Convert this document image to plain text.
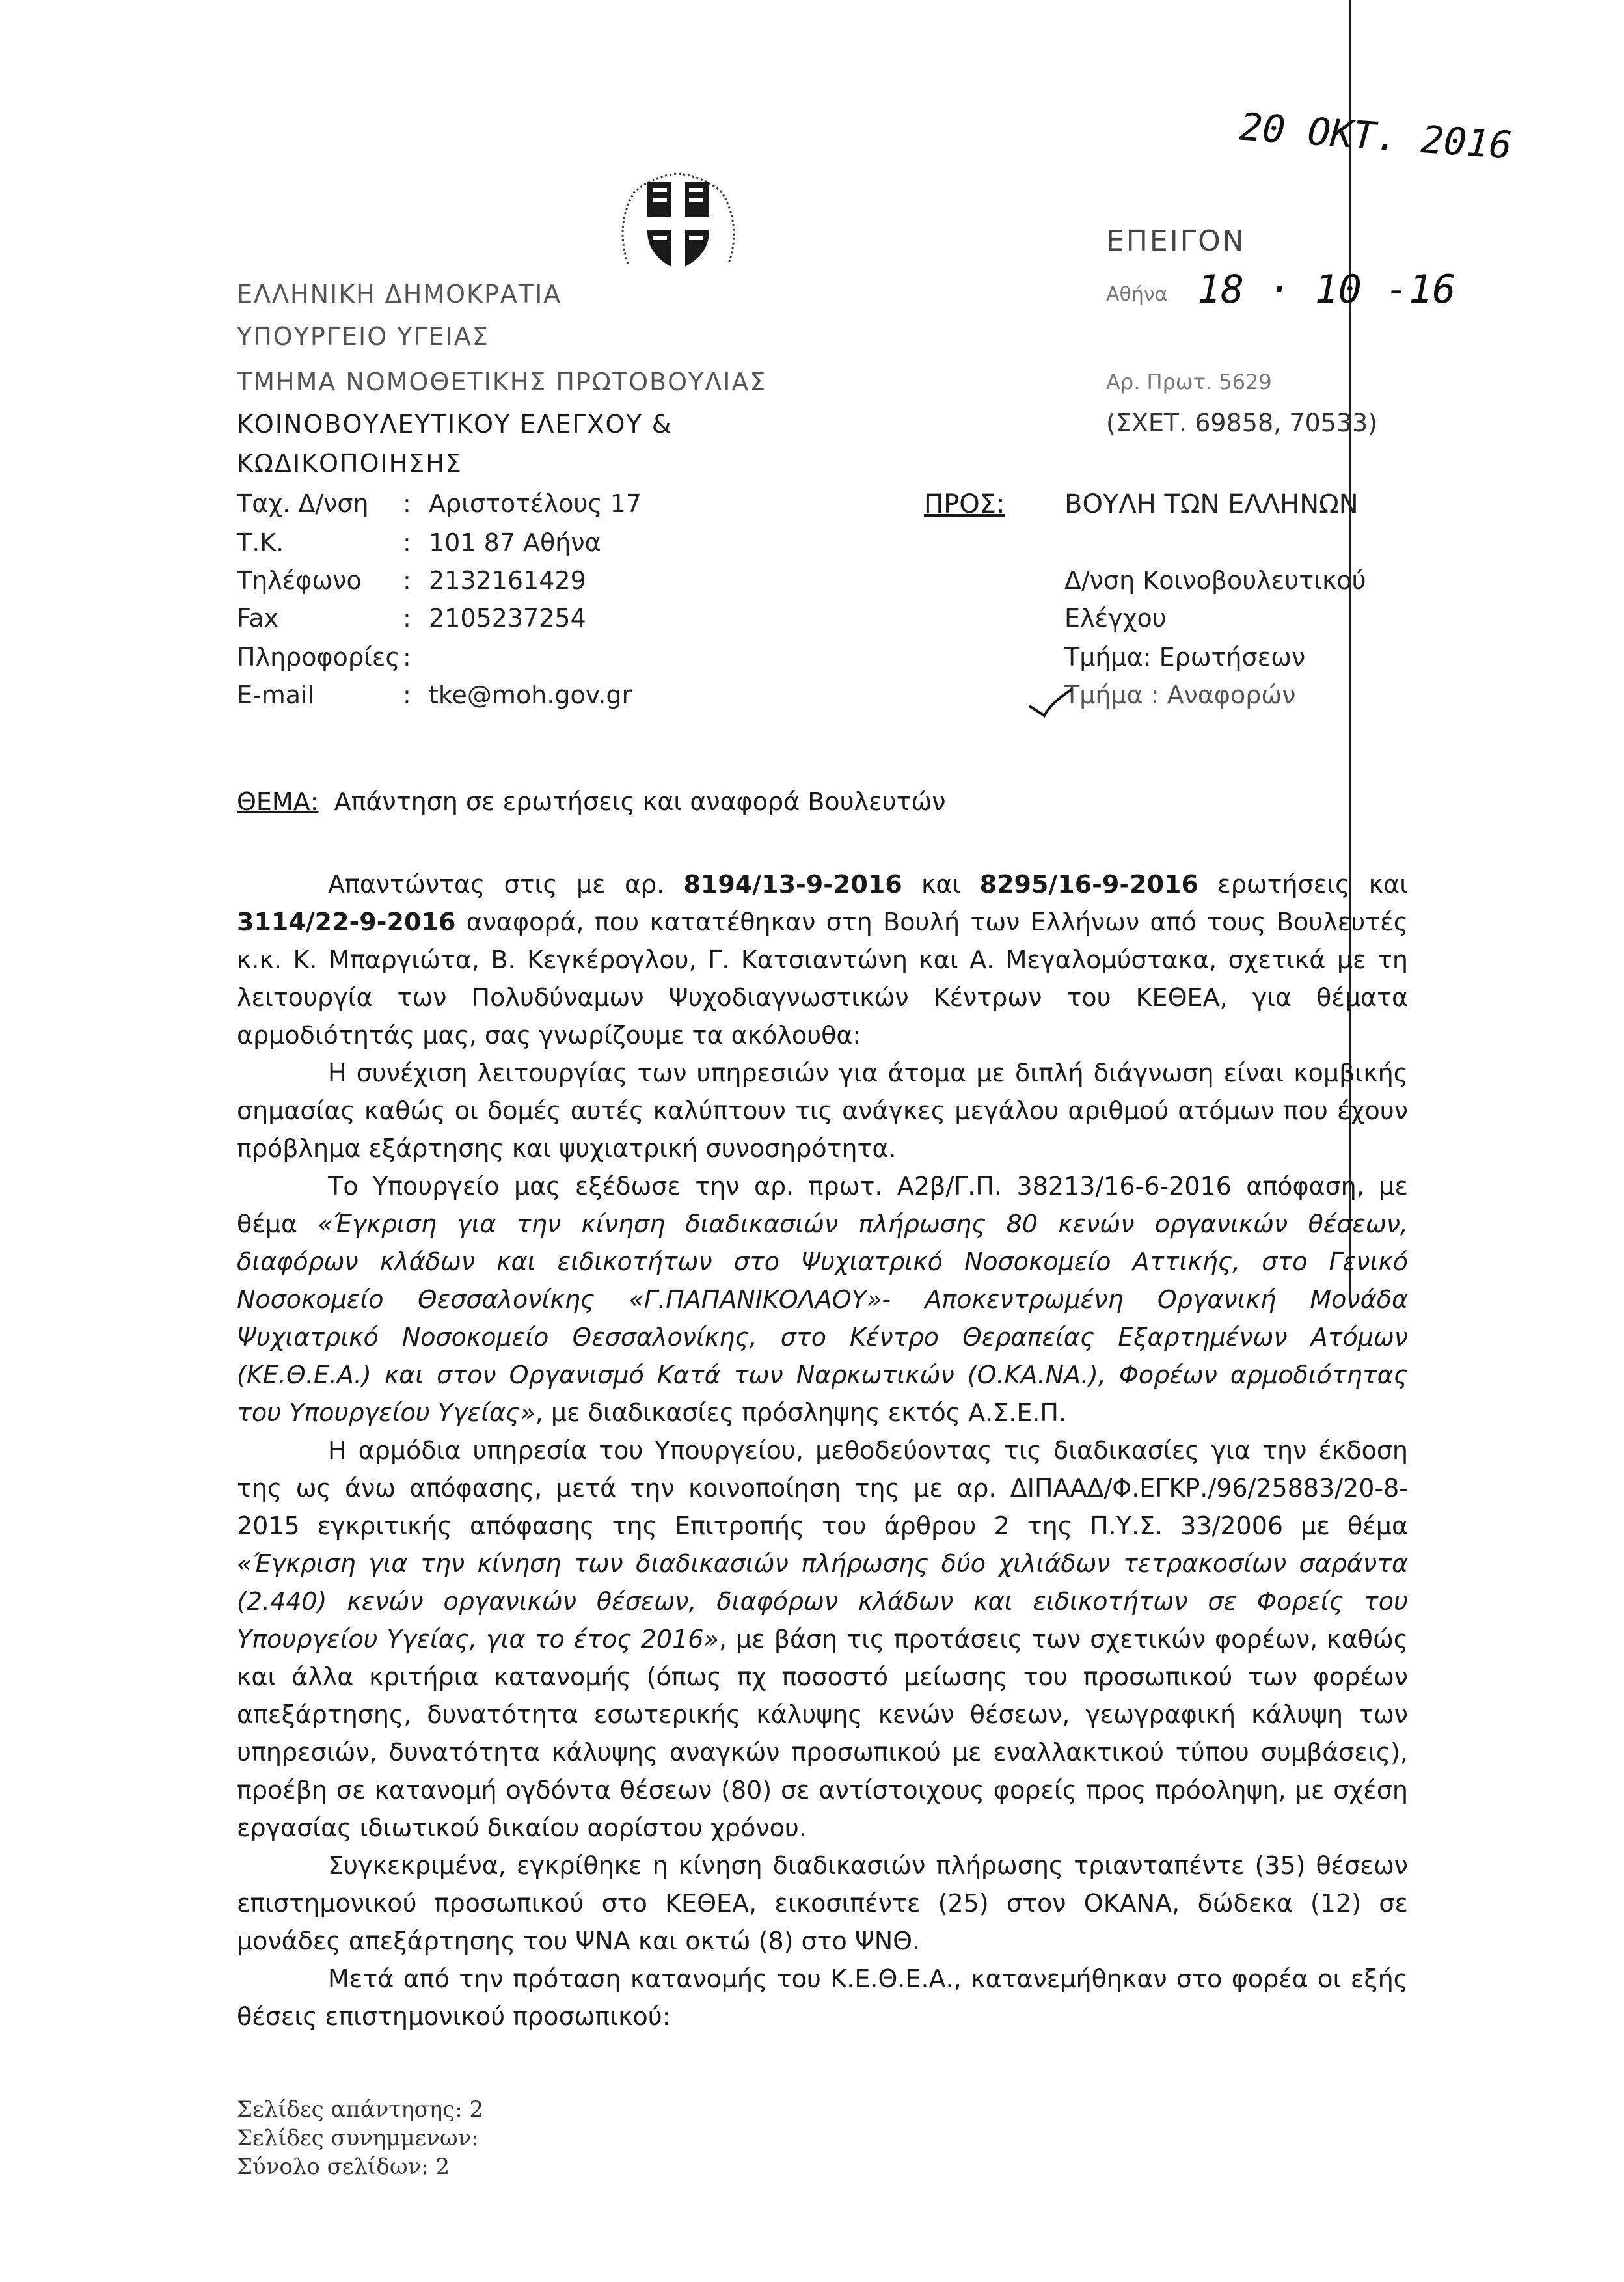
ΕΛΛΗΝΙΚΗ ΔΗΜΟΚΡΑΤΙΑ
ΥΠΟΥΡΓΕΙΟ ΥΓΕΙΑΣ
ΤΜΗΜΑ ΝΟΜΟΘΕΤΙΚΗΣ ΠΡΩΤΟΒΟΥΛΙΑΣ
ΚΟΙΝΟΒΟΥΛΕΥΤΙΚΟΥ ΕΛΕΓΧΟΥ &
ΚΩΔΙΚΟΠΟΙΗΣΗΣ
Ταχ. Δ/νση : Αριστοτέλους 17
Τ.Κ.	: 101 87 Αθήνα
Τηλέφωνο : 2132161429
Fax	: 2105237254
Πληροφορίες :
E-mail	: tke@moh.gov.gr
20 ΟΚΤ. 2016
ΕΠΕΙΓΟΝ
Αθήνα 18 · 10 -16
Αρ. Πρωτ. 5629
(ΣΧΕΤ. 69858, 70533)
ΠΡΟΣ: ΒΟΥΛΗ ΤΩΝ ΕΛΛΗΝΩΝ
Δ/νση Κοινοβουλευτικού
Ελέγχου
Τμήμα: Ερωτήσεων
Τμήμα : Αναφορών
ΘΕΜΑ: Απάντηση σε ερωτήσεις και αναφορά Βουλευτών

Απαντώντας στις με αρ. 8194/13-9-2016 και 8295/16-9-2016 ερωτήσεις και 3114/22-9-2016 αναφορά, που κατατέθηκαν στη Βουλή των Ελλήνων από τους Βουλευτές κ.κ. Κ. Μπαργιώτα, Β. Κεγκέρογλου, Γ. Κατσιαντώνη και Α. Μεγαλομύστακα, σχετικά με τη λειτουργία των Πολυδύναμων Ψυχοδιαγνωστικών Κέντρων του ΚΕΘΕΑ, για θέματα αρμοδιότητάς μας, σας γνωρίζουμε τα ακόλουθα:

Η συνέχιση λειτουργίας των υπηρεσιών για άτομα με διπλή διάγνωση είναι κομβικής σημασίας καθώς οι δομές αυτές καλύπτουν τις ανάγκες μεγάλου αριθμού ατόμων που έχουν πρόβλημα εξάρτησης και ψυχιατρική συνοσηρότητα.

Το Υπουργείο μας εξέδωσε την αρ. πρωτ. Α2β/Γ.Π. 38213/16-6-2016 απόφαση, με θέμα «Έγκριση για την κίνηση διαδικασιών πλήρωσης 80 κενών οργανικών θέσεων, διαφόρων κλάδων και ειδικοτήτων στο Ψυχιατρικό Νοσοκομείο Αττικής, στο Γενικό Νοσοκομείο Θεσσαλονίκης «Γ.ΠΑΠΑΝΙΚΟΛΑΟΥ»- Αποκεντρωμένη Οργανική Μονάδα Ψυχιατρικό Νοσοκομείο Θεσσαλονίκης, στο Κέντρο Θεραπείας Εξαρτημένων Ατόμων (ΚΕ.Θ.Ε.Α.) και στον Οργανισμό Κατά των Ναρκωτικών (Ο.ΚΑ.ΝΑ.), Φορέων αρμοδιότητας του Υπουργείου Υγείας», με διαδικασίες πρόσληψης εκτός Α.Σ.Ε.Π.

Η αρμόδια υπηρεσία του Υπουργείου, μεθοδεύοντας τις διαδικασίες για την έκδοση της ως άνω απόφασης, μετά την κοινοποίηση της με αρ. ΔΙΠΑΑΔ/Φ.ΕΓΚΡ./96/25883/20-8-2015 εγκριτικής απόφασης της Επιτροπής του άρθρου 2 της Π.Υ.Σ. 33/2006 με θέμα «Έγκριση για την κίνηση των διαδικασιών πλήρωσης δύο χιλιάδων τετρακοσίων σαράντα (2.440) κενών οργανικών θέσεων, διαφόρων κλάδων και ειδικοτήτων σε Φορείς του Υπουργείου Υγείας, για το έτος 2016», με βάση τις προτάσεις των σχετικών φορέων, καθώς και άλλα κριτήρια κατανομής (όπως πχ ποσοστό μείωσης του προσωπικού των φορέων απεξάρτησης, δυνατότητα εσωτερικής κάλυψης κενών θέσεων, γεωγραφική κάλυψη των υπηρεσιών, δυνατότητα κάλυψης αναγκών προσωπικού με εναλλακτικού τύπου συμβάσεις), προέβη σε κατανομή ογδόντα θέσεων (80) σε αντίστοιχους φορείς προς πρόοληψη, με σχέση εργασίας ιδιωτικού δικαίου αορίστου χρόνου.

Συγκεκριμένα, εγκρίθηκε η κίνηση διαδικασιών πλήρωσης τριανταπέντε (35) θέσεων επιστημονικού προσωπικού στο ΚΕΘΕΑ, εικοσιπέντε (25) στον ΟΚΑΝΑ, δώδεκα (12) σε μονάδες απεξάρτησης του ΨΝΑ και οκτώ (8) στο ΨΝΘ.

Μετά από την πρόταση κατανομής του Κ.Ε.Θ.Ε.Α., κατανεμήθηκαν στο φορέα οι εξής θέσεις επιστημονικού προσωπικού:

Σελίδες απάντησης: 2
Σελίδες συνημμενων:
Σύνολο σελίδων: 2
